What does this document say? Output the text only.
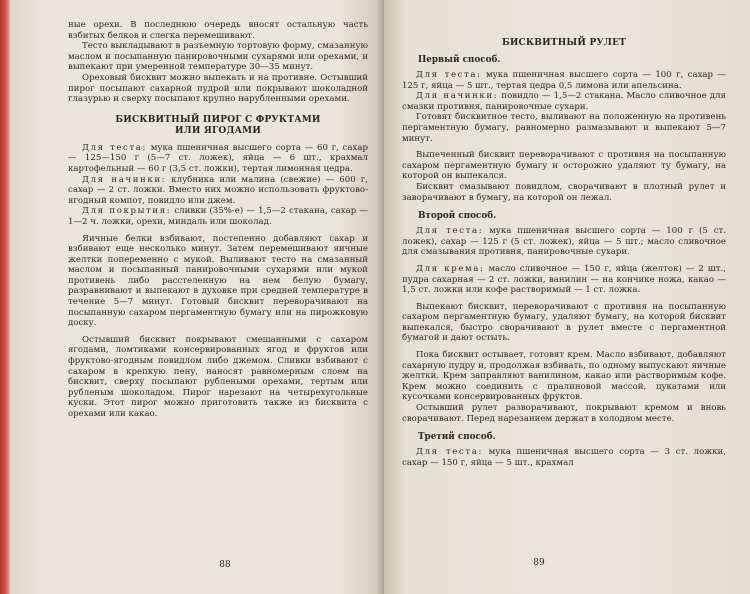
ные орехи. В последнюю очередь вносят остальную часть взбитых белков и слегка перемешивают.

Тесто выкладывают в разъемную тортовую форму, смазанную маслом и посыпанную панировочными сухарями или орехами, и выпекают при умеренной температуре 30—35 минут.

Ореховый бисквит можно выпекать и на противне. Остывший пирог посыпают сахарной пудрой или покрывают шоколадной глазурью и сверху посыпают крупно нарубленными орехами.

БИСКВИТНЫЙ ПИРОГ С ФРУКТАМИ
ИЛИ ЯГОДАМИ

Для теста: мука пшеничная высшего сорта — 60 г, сахар — 125—150 г (5—7 ст. ложек), яйца — 6 шт., крахмал картофельный — 60 г (3,5 ст. ложки), тертая лимонная цедра.

Для начинки: клубника или малина (свежие) — 600 г, сахар — 2 ст. ложки. Вместо них можно использовать фруктово-ягодный компот, повидло или джем.

Для покрытия: сливки (35%-е) — 1,5—2 стакана, сахар — 1—2 ч. ложки, орехи, миндаль или шоколад.

Яичные белки взбивают, постепенно добавляют сахар и взбивают еще несколько минут. Затем перемешивают яичные желтки попеременно с мукой. Выливают тесто на смазанный маслом и посыпанный панировочными сухарями или мукой противень либо расстеленную на нем белую бумагу, разравнивают и выпекают в духовке при средней температуре в течение 5—7 минут. Готовый бисквит переворачивают на посыпанную сахаром пергаментную бумагу или на пирожковую доску.

Остывший бисквит покрывают смешанными с сахаром ягодами, ломтиками консервированных ягод и фруктов или фруктово-ягодным повидлом либо джемом. Сливки взбивают с сахаром в крепкую пену, наносят равномерным слоем на бисквит, сверху посыпают рублеными орехами, тертым или рубленым шоколадом. Пирог нарезают на четырехугольные куски. Этот пирог можно приготовить также из бисквита с орехами или какао.

88
БИСКВИТНЫЙ РУЛЕТ
Первый способ.

Для теста: мука пшеничная высшего сорта — 100 г, сахар — 125 г, яйца — 5 шт., тертая цедра 0,5 лимона или апельсина.

Для начинки: повидло — 1,5—2 стакана. Масло сливочное для смазки противня, панировочные сухари.

Готовят бисквитное тесто, выливают на положенную на противень пергаментную бумагу, равномерно размазывают и выпекают 5—7 минут.

Выпеченный бисквит переворачивают с противня на посыпанную сахаром пергаментную бумагу и осторожно удаляют ту бумагу, на которой он выпекался.

Бисквит смазывают повидлом, сворачивают в плотный рулет и заворачивают в бумагу, на которой он лежал.

Второй способ.

Для теста: мука пшеничная высшего сорта — 100 г (5 ст. ложек), сахар — 125 г (5 ст. ложек), яйца — 5 шт.; масло сливочное для смазывания противня, панировочные сухари.

Для крема: масло сливочное — 150 г, яйца (желток) — 2 шт., пудра сахарная — 2 ст. ложки, ванилин — на кончике ножа, какао — 1,5 ст. ложки или кофе растворимый — 1 ст. ложка.

Выпекают бисквит, переворачивают с противня на посыпанную сахаром пергаментную бумагу, удаляют бумагу, на которой бисквит выпекался, быстро сворачивают в рулет вместе с пергаментной бумагой и дают остыть.

Пока бисквит остывает, готовят крем. Масло взбивают, добавляют сахарную пудру и, продолжая взбивать, по одному выпускают яичные желтки. Крем заправляют ванилином, какао или растворимым кофе. Крем можно соединить с пралиновой массой, цукатами или кусочками консервированных фруктов.

Остывший рулет разворачивают, покрывают кремом и вновь сворачивают. Перед нарезанием держат в холодном месте.

Третий способ.

Для теста: мука пшеничная высшего сорта — 3 ст. ложки, сахар — 150 г, яйца — 5 шт., крахмал

89
